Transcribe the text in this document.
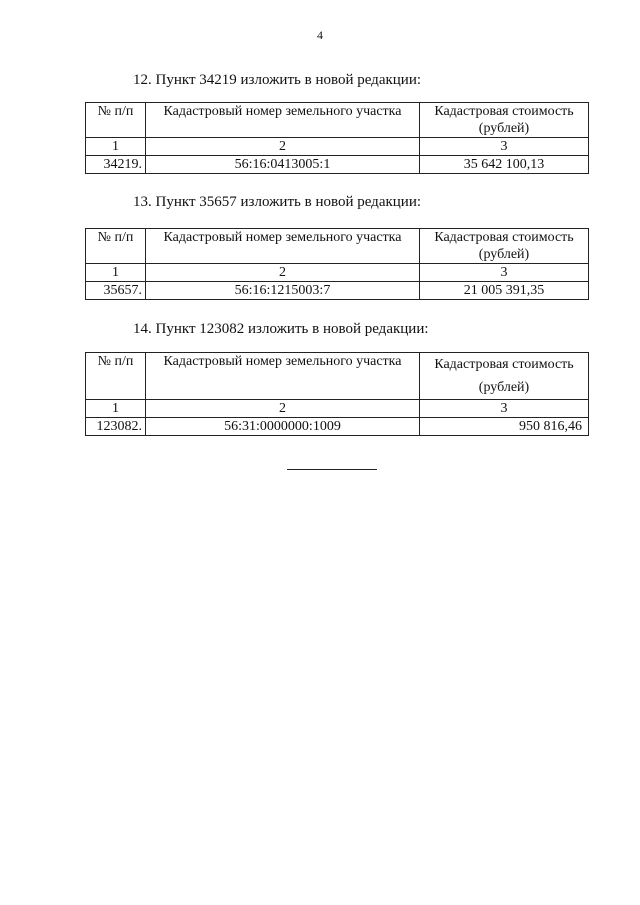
4
12. Пункт 34219 изложить в новой редакции:
№ п/п	Кадастровый номер земельного участка	Кадастровая стоимость (рублей)
1	2	3
34219.	56:16:0413005:1	35 642 100,13
13. Пункт 35657 изложить в новой редакции:
№ п/п	Кадастровый номер земельного участка	Кадастровая стоимость (рублей)
1	2	3
35657.	56:16:1215003:7	21 005 391,35
14. Пункт 123082 изложить в новой редакции:
№ п/п	Кадастровый номер земельного участка	Кадастровая стоимость (рублей)
1	2	3
123082.	56:31:0000000:1009	950 816,46
